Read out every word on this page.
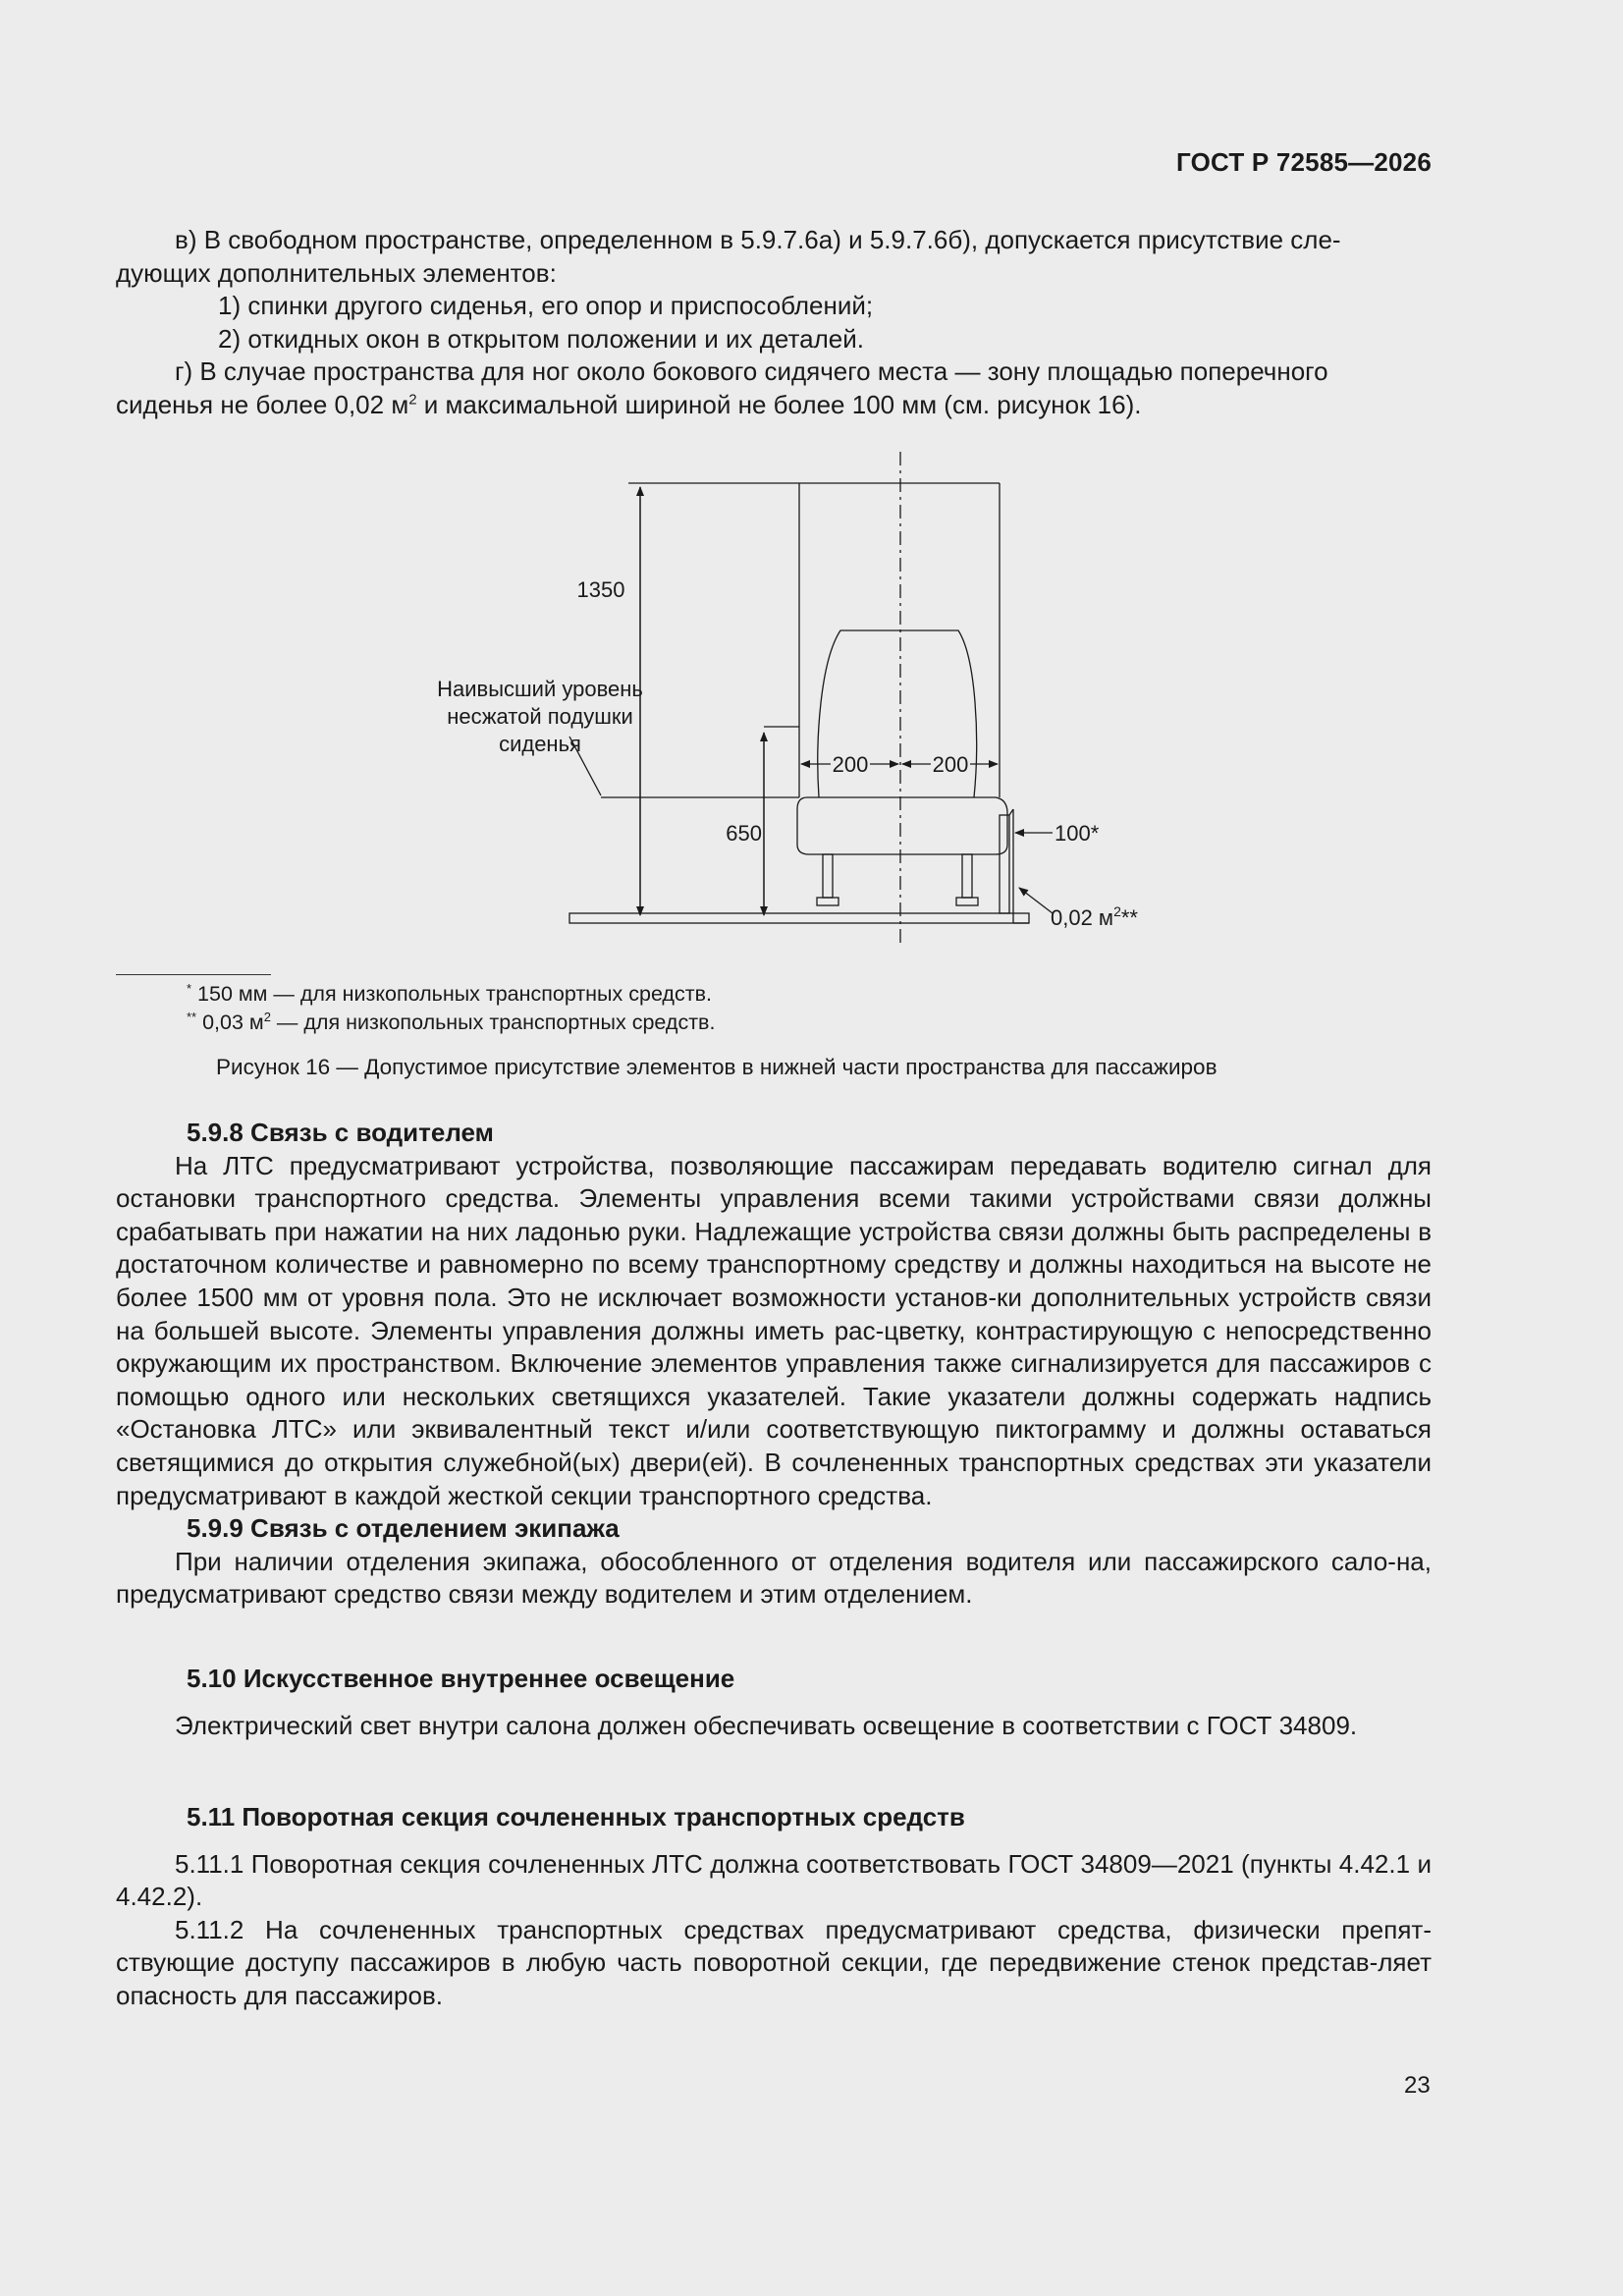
ГОСТ Р 72585—2026

в) В свободном пространстве, определенном в 5.9.7.6а) и 5.9.7.6б), допускается присутствие сле-

дующих дополнительных элементов:

1) спинки другого сиденья, его опор и приспособлений;

2) откидных окон в открытом положении и их деталей.

г) В случае пространства для ног около бокового сидячего места — зону площадью поперечного

сиденья не более 0,02 $м^2$ и максимальной шириной не более 100 мм (см. рисунок 16).

1350
Наивысший уровень
несжатой подушки
сиденья
650
200	200
100*
0,02 $м^2**$
* 150 мм — для низкопольных транспортных средств.
** 0,03 $м^2$ — для низкопольных транспортных средств.
Рисунок 16 — Допустимое присутствие элементов в нижней части пространства для пассажиров

5.9.8 Связь с водителем

На ЛТС предусматривают устройства, позволяющие пассажирам передавать водителю сигнал для остановки транспортного средства. Элементы управления всеми такими устройствами связи должны срабатывать при нажатии на них ладонью руки. Надлежащие устройства связи должны быть распределены в достаточном количестве и равномерно по всему транспортному средству и должны находиться на высоте не более 1500 мм от уровня пола. Это не исключает возможности установ-ки дополнительных устройств связи на большей высоте. Элементы управления должны иметь рас-цветку, контрастирующую с непосредственно окружающим их пространством. Включение элементов управления также сигнализируется для пассажиров с помощью одного или нескольких светящихся указателей. Такие указатели должны содержать надпись «Остановка ЛТС» или эквивалентный текст и/или соответствующую пиктограмму и должны оставаться светящимися до открытия служебной(ых) двери(ей). В сочлененных транспортных средствах эти указатели предусматривают в каждой жесткой секции транспортного средства.

5.9.9 Связь с отделением экипажа

При наличии отделения экипажа, обособленного от отделения водителя или пассажирского сало-на, предусматривают средство связи между водителем и этим отделением.

5.10 Искусственное внутреннее освещение

Электрический свет внутри салона должен обеспечивать освещение в соответствии с ГОСТ 34809.

5.11 Поворотная секция сочлененных транспортных средств

5.11.1 Поворотная секция сочлененных ЛТС должна соответствовать ГОСТ 34809—2021 (пункты 4.42.1 и 4.42.2).

5.11.2 На сочлененных транспортных средствах предусматривают средства, физически препят-ствующие доступу пассажиров в любую часть поворотной секции, где передвижение стенок представ-ляет опасность для пассажиров.

23
